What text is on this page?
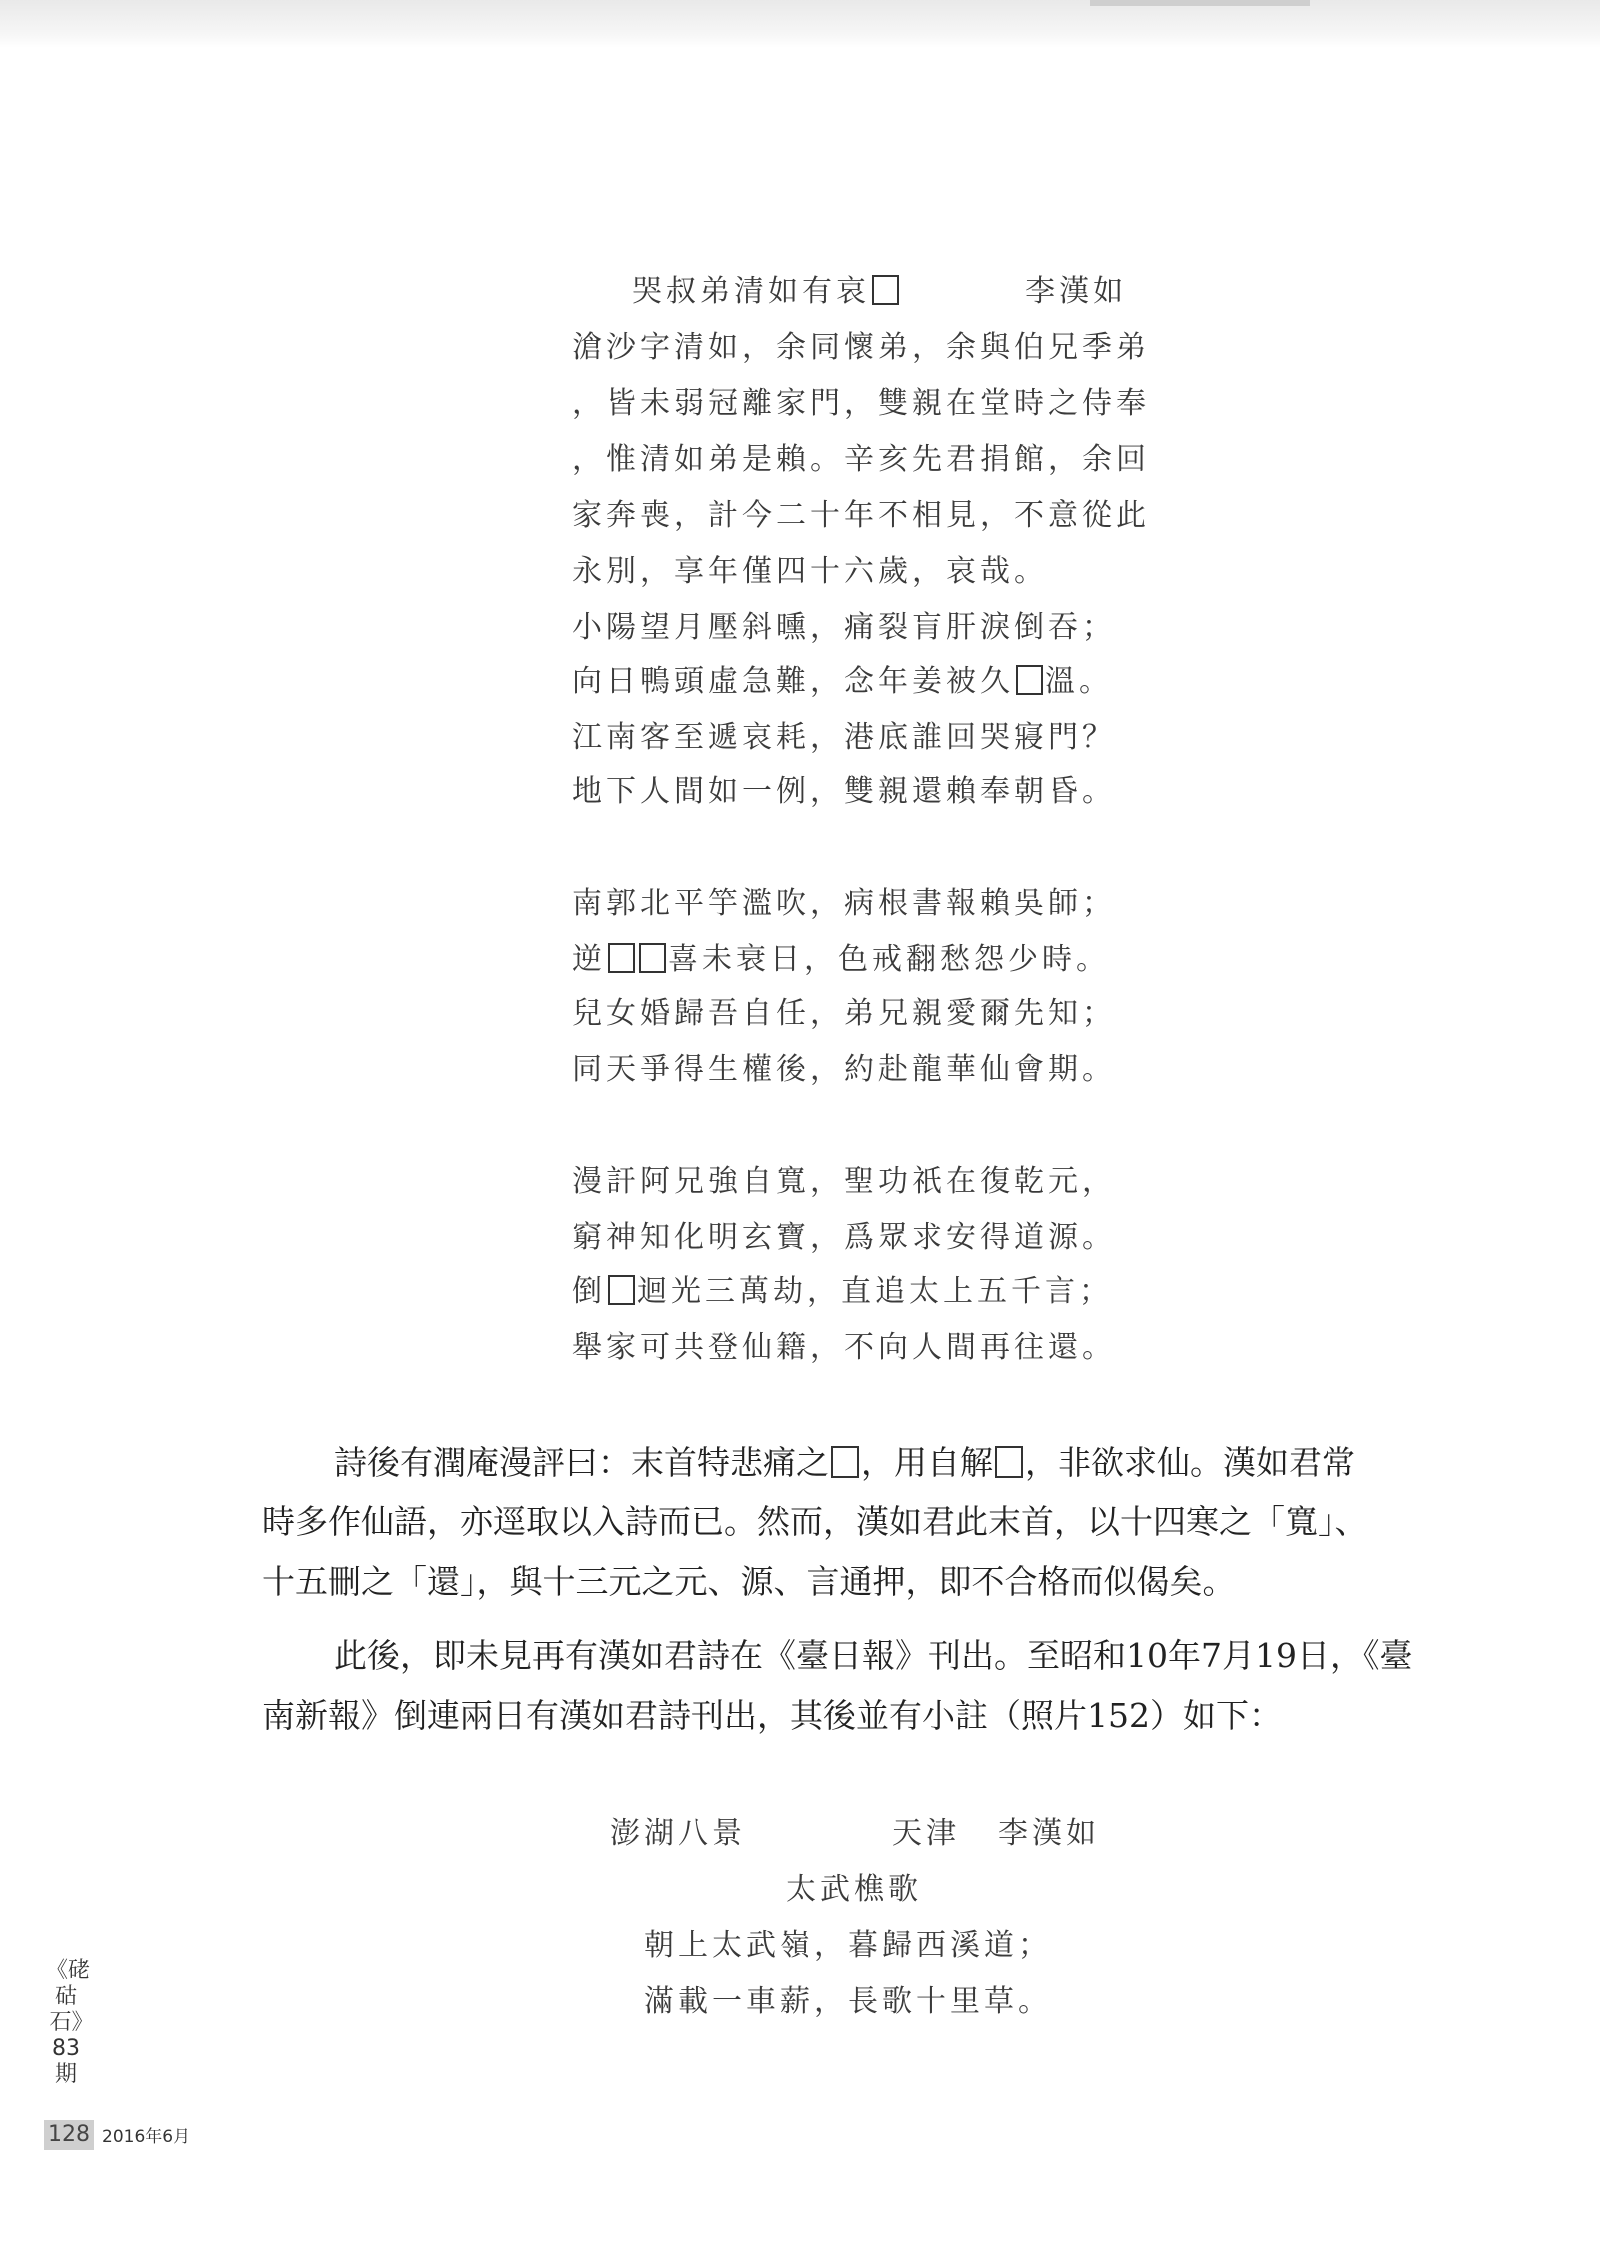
哭叔弟清如有哀	李漢如
滄沙字清如，余同懷弟，余與伯兄季弟
，皆未弱冠離家門，雙親在堂時之侍奉
，惟清如弟是賴。辛亥先君捐館，余回
家奔喪，計今二十年不相見，不意從此
永別，享年僅四十六歲，哀哉。
小陽望月壓斜曛，痛裂肓肝淚倒吞；
向日鴨頭虛急難，念年姜被久 溫。
江南客至遞哀耗，港底誰回哭寢門？
地下人間如一例，雙親還賴奉朝昏。
南郭北平竽濫吹，病根書報賴吳師；
逆 喜未衰日，色戒翻愁怨少時。
兒女婚歸吾自任，弟兄親愛爾先知；
同天爭得生權後，約赴龍華仙會期。
漫訐阿兄強自寬，聖功祇在復乾元，
窮神知化明玄寶，爲眾求安得道源。
倒 迴光三萬劫，直追太上五千言；
舉家可共登仙籍，不向人間再往還。
詩後有潤庵漫評曰：末首特悲痛之 ，用自解 ，非欲求仙。漢如君常
時多作仙語，亦逕取以入詩而已。然而，漢如君此末首，以十四寒之「寬」、
十五刪之「還」，與十三元之元、源、言通押，即不合格而似偈矣。
此後，即未見再有漢如君詩在《臺日報》刊出。至昭和10年7月19日，《臺
南新報》倒連兩日有漢如君詩刊出，其後並有小註（照片152）如下：
澎湖八景	天津 李漢如
太武樵歌
朝上太武嶺，暮歸西溪道；
滿載一車薪，長歌十里草。
《硓𥑮石》83期
128 2016年6月
